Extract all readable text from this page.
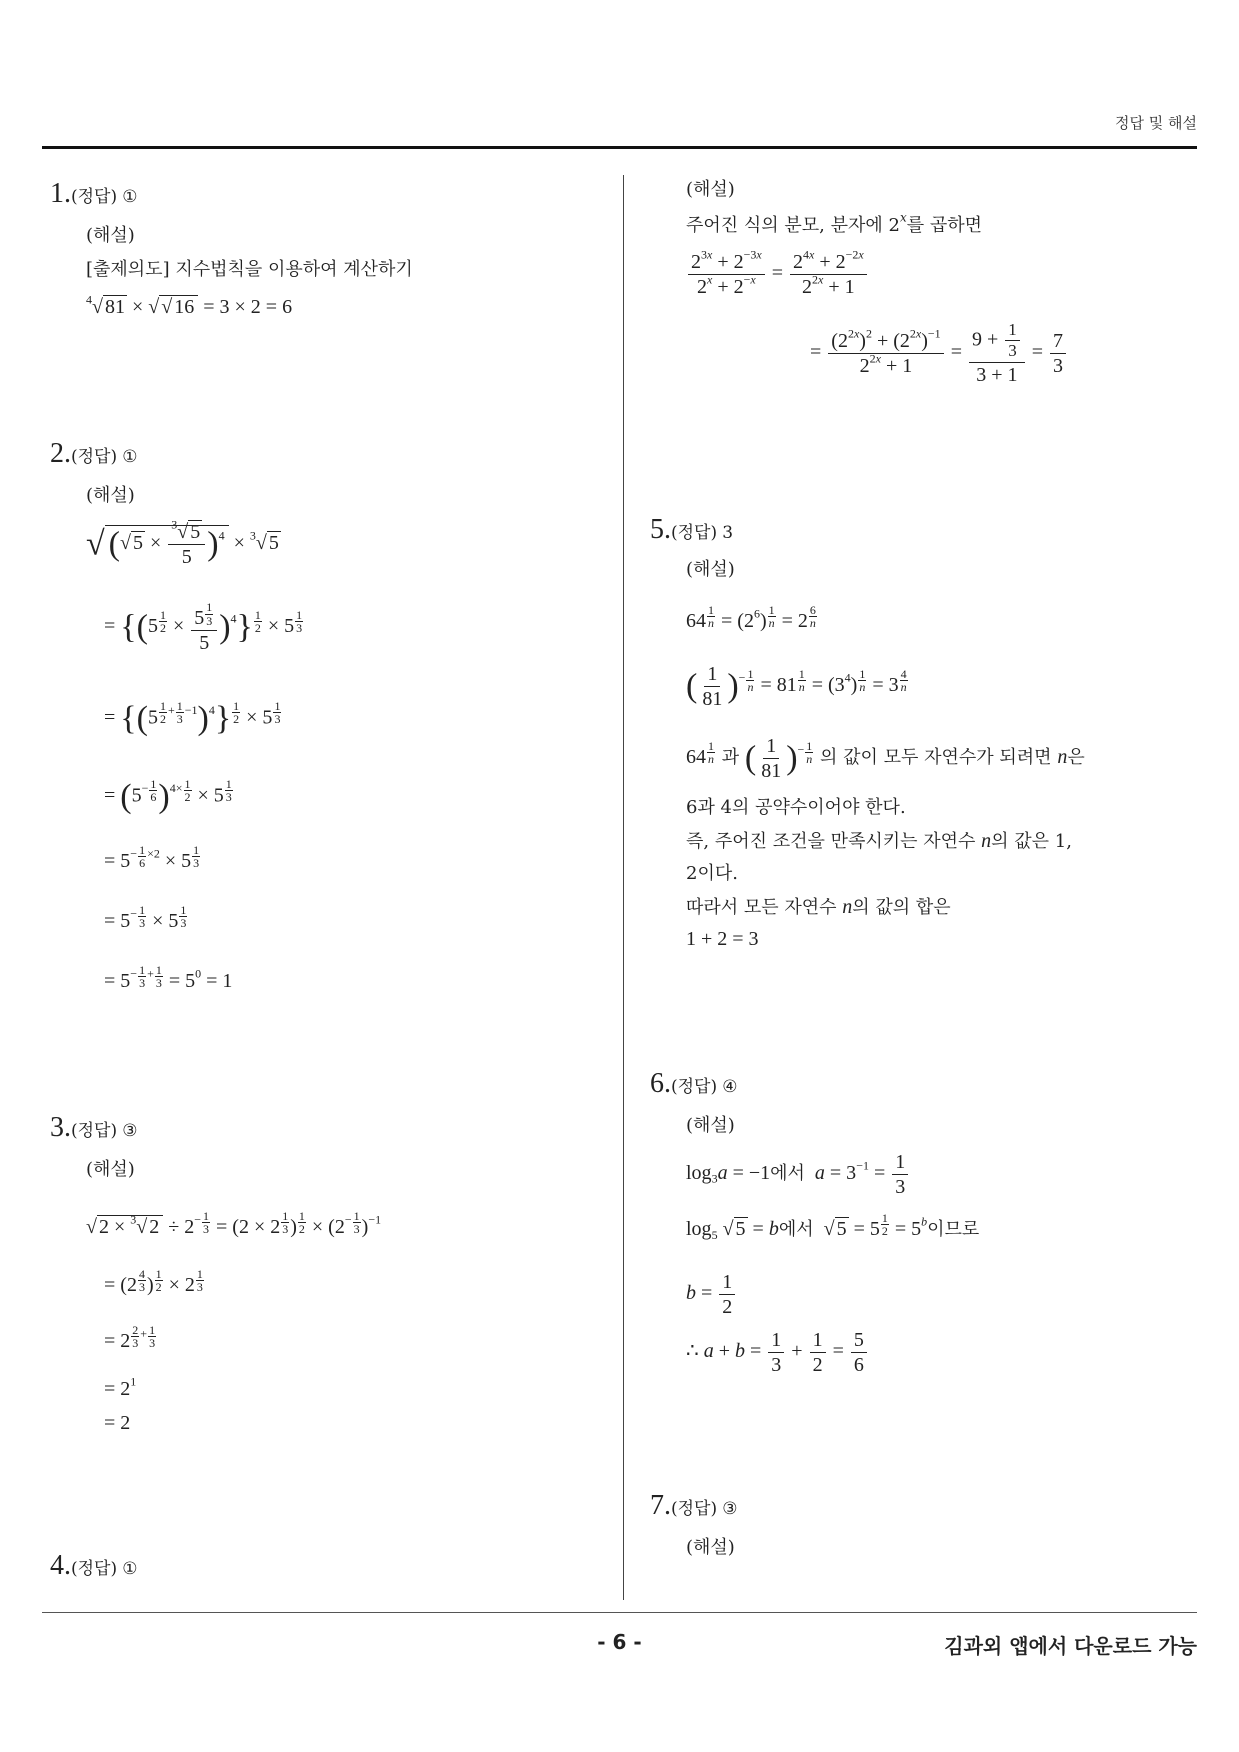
정답 및 해설
1.(정답) ①
(해설)
[출제의도] 지수법칙을 이용하여 계산하기
$^4$√ 81 × √ √ 16 = 3 × 2 = 6
2.(정답) ①
(해설)
√ (√ $5 \times \frac{^3√ 5}{5} )^4 \times ^3√$ 5
= $\{(5 \frac{1}{2} \times \frac{5 \frac{1}{3}}{5} )^4\} \frac{1}{2} \times 5 \frac{1}{3}$
= $\{(5 \frac{1}{2} ^+ \frac{1}{3} ^{-1})^4\} \frac{1}{2} \times 5 \frac{1}{3}$
= $(5^- \frac{1}{6} )^{4\times} \frac{1}{2} \times 5 \frac{1}{3}$
= $5^- \frac{1}{6} ^{\times 2} \times 5 \frac{1}{3}$
= $5^- \frac{1}{3} \times 5 \frac{1}{3}$
= $5^- \frac{1}{3} ^+ \frac{1}{3} = 5^0 = 1$
3.(정답) ③
(해설)
√ 2 × $^3$√ $2 \div 2^- \frac{1}{3} = (2 \times 2 \frac{1}{3}$ ) $\frac{1}{2} \times (2^- \frac{1}{3} )^{-1}$
= ($2 \frac{4}{3}$ ) $\frac{1}{2} \times 2 \frac{1}{3}$
= $2 \frac{2}{3} ^+ \frac{1}{3}$
= $2^1$
= 2
4.(정답) ①
(해설)
주어진 식의 분모, 분자에 2$^x$를 곱하면
$\frac{2^{3x} + 2^{-3x}}{2^x + 2^{-x}} = \frac{2^{4x} + 2^{-2x}}{2^{2x} + 1}$
= $\frac{(2^{2x})^2 + (2^{2x})^{-1}}{2^{2x} + 1} = \frac{9 + \frac{1}{3}}{3 + 1} = \frac{7}{3}$
5.(정답) 3
(해설)
$64 \frac{1}{n} = (2^6) \frac{1}{n} = 2 \frac{6}{n}$
( $\frac{1}{81} )^- \frac{1}{n} = 81 \frac{1}{n} = (3^4) \frac{1}{n} = 3 \frac{4}{n}$
$64 \frac{1}{n}$ 과 ( $\frac{1}{81} )^- \frac{1}{n}$ 의 값이 모두 자연수가 되려면 n은
6과 4의 공약수이어야 한다.
즉, 주어진 조건을 만족시키는 자연수 n의 값은 1,
2이다.
따라서 모든 자연수 n의 값의 합은
1 + 2 = 3
6.(정답) ④
(해설)
$\log_3a = -1$에서 $a = 3^{-1} = \frac{1}{3}$
$\log_5$ √ 5 = b에서  √ $5 = 5 \frac{1}{2} = 5^b$이므로
$b = \frac{1}{2}$
∴ $a + b = \frac{1}{3} + \frac{1}{2} = \frac{5}{6}$
7.(정답) ③
(해설)
- 6 -	김과외 앱에서 다운로드 가능
